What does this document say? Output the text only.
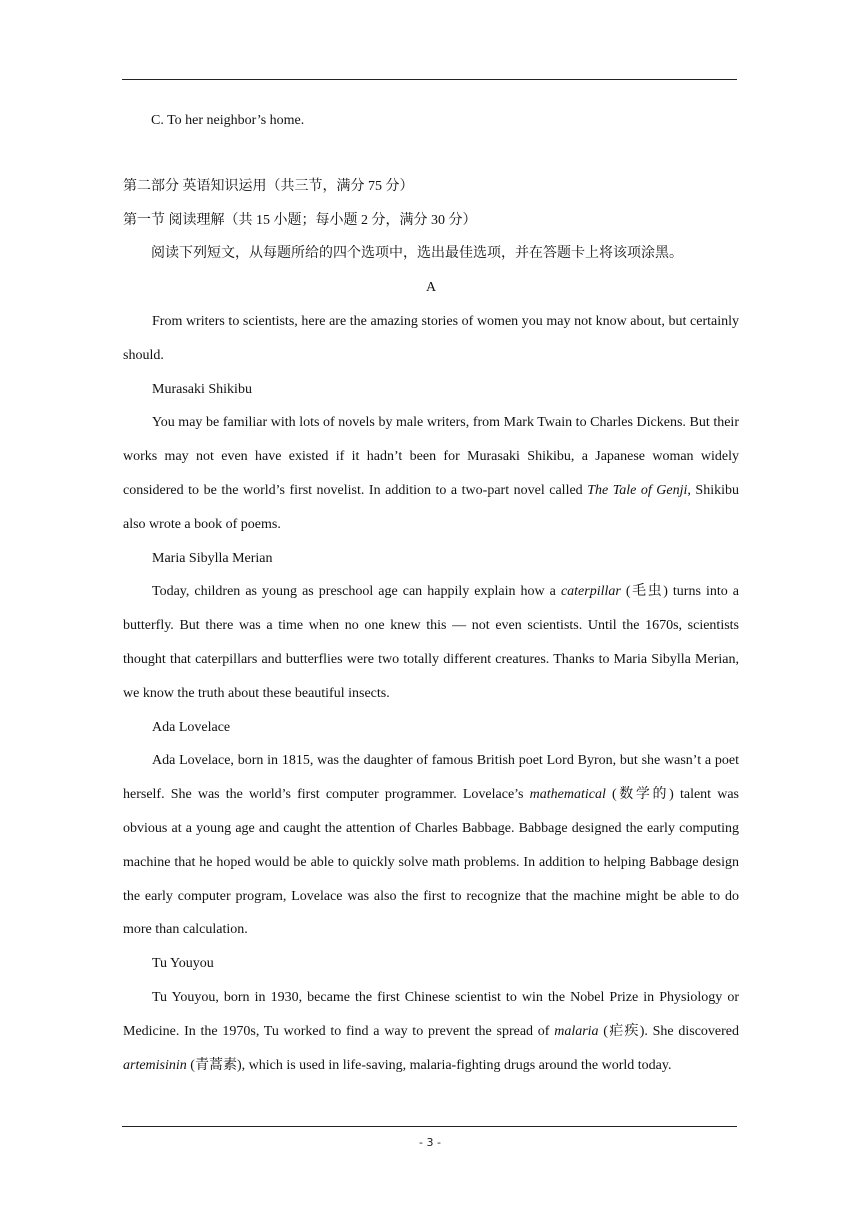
C. To her neighbor’s home.
第二部分 英语知识运用（共三节，满分 75 分）
第一节 阅读理解（共 15 小题；每小题 2 分，满分 30 分）
阅读下列短文，从每题所给的四个选项中，选出最佳选项，并在答题卡上将该项涂黑。
A

From writers to scientists, here are the amazing stories of women you may not know about, but certainly should.

Murasaki Shikibu

You may be familiar with lots of novels by male writers, from Mark Twain to Charles Dickens. But their works may not even have existed if it hadn’t been for Murasaki Shikibu, a Japanese woman widely considered to be the world’s first novelist. In addition to a two-part novel called The Tale of Genji, Shikibu also wrote a book of poems.

Maria Sibylla Merian

Today, children as young as preschool age can happily explain how a caterpillar (毛虫) turns into a butterfly. But there was a time when no one knew this — not even scientists. Until the 1670s, scientists thought that caterpillars and butterflies were two totally different creatures. Thanks to Maria Sibylla Merian, we know the truth about these beautiful insects.

Ada Lovelace

Ada Lovelace, born in 1815, was the daughter of famous British poet Lord Byron, but she wasn’t a poet herself. She was the world’s first computer programmer. Lovelace’s mathematical (数学的) talent was obvious at a young age and caught the attention of Charles Babbage. Babbage designed the early computing machine that he hoped would be able to quickly solve math problems. In addition to helping Babbage design the early computer program, Lovelace was also the first to recognize that the machine might be able to do more than calculation.

Tu Youyou

Tu Youyou, born in 1930, became the first Chinese scientist to win the Nobel Prize in Physiology or Medicine. In the 1970s, Tu worked to find a way to prevent the spread of malaria (疟疾). She discovered artemisinin (青蒿素), which is used in life-saving, malaria-fighting drugs around the world today.

- 3 -
